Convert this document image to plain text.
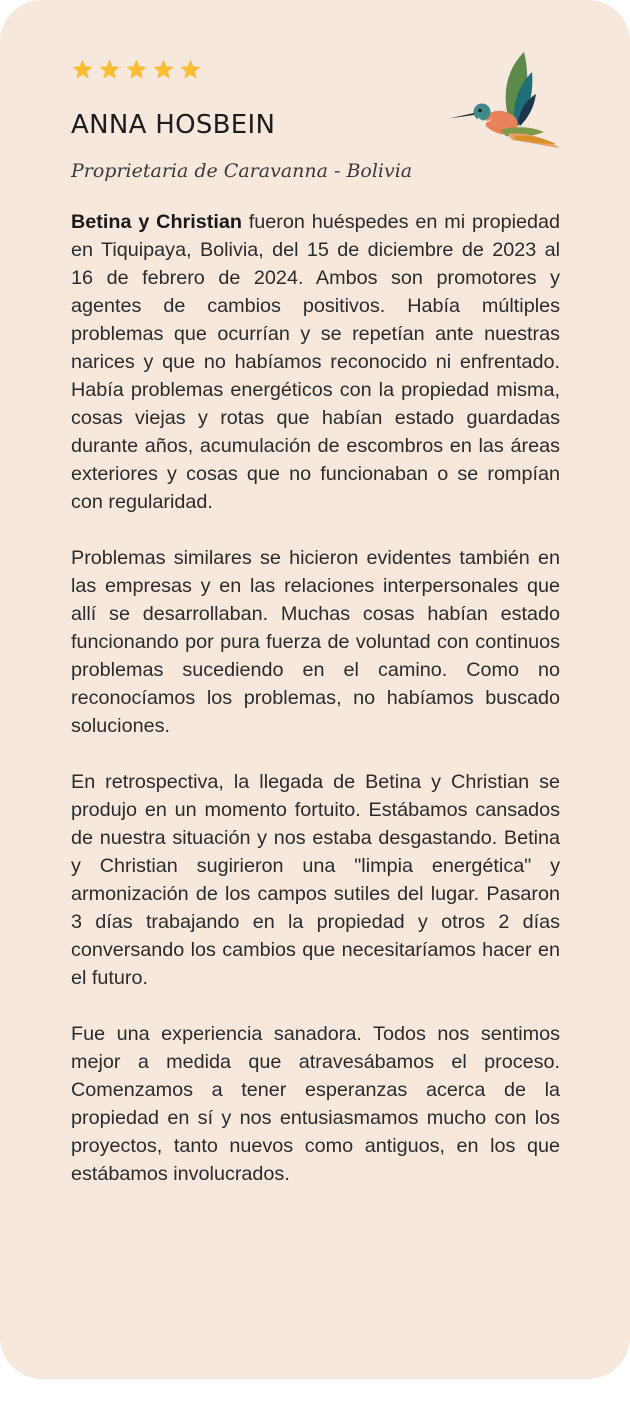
ANNA HOSBEIN

Proprietaria de Caravanna - Bolivia

Betina y Christian fueron huéspedes en mi propiedad en Tiquipaya, Bolivia, del 15 de diciembre de 2023 al 16 de febrero de 2024. Ambos son promotores y agentes de cambios positivos. Había múltiples problemas que ocurrían y se repetían ante nuestras narices y que no habíamos reconocido ni enfrentado. Había problemas energéticos con la propiedad misma, cosas viejas y rotas que habían estado guardadas durante años, acumulación de escombros en las áreas exteriores y cosas que no funcionaban o se rompían con regularidad.

Problemas similares se hicieron evidentes también en las empresas y en las relaciones interpersonales que allí se desarrollaban. Muchas cosas habían estado funcionando por pura fuerza de voluntad con continuos problemas sucediendo en el camino. Como no reconocíamos los problemas, no habíamos buscado soluciones.

En retrospectiva, la llegada de Betina y Christian se produjo en un momento fortuito. Estábamos cansados de nuestra situación y nos estaba desgastando. Betina y Christian sugirieron una "limpia energética" y armonización de los campos sutiles del lugar. Pasaron 3 días trabajando en la propiedad y otros 2 días conversando los cambios que necesitaríamos hacer en el futuro.

Fue una experiencia sanadora. Todos nos sentimos mejor a medida que atravesábamos el proceso. Comenzamos a tener esperanzas acerca de la propiedad en sí y nos entusiasmamos mucho con los proyectos, tanto nuevos como antiguos, en los que estábamos involucrados.
